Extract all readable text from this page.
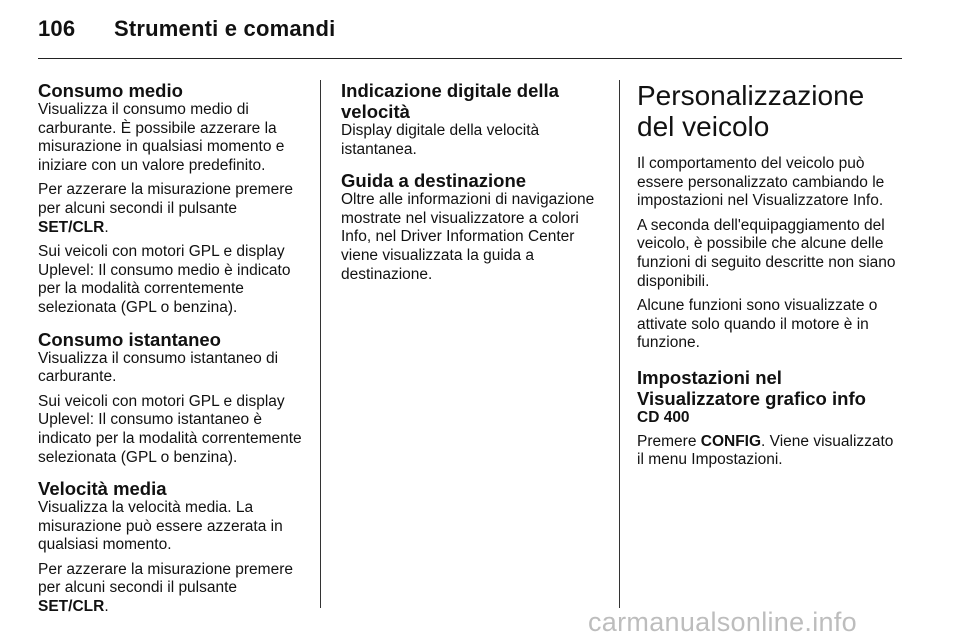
106 Strumenti e comandi
Consumo medio
Visualizza il consumo medio di carburante. È possibile azzerare la misurazione in qualsiasi momento e iniziare con un valore predefinito.
Per azzerare la misurazione premere per alcuni secondi il pulsante SET/CLR.
Sui veicoli con motori GPL e display Uplevel: Il consumo medio è indicato per la modalità correntemente selezionata (GPL o benzina).
Consumo istantaneo
Visualizza il consumo istantaneo di carburante.
Sui veicoli con motori GPL e display Uplevel: Il consumo istantaneo è indicato per la modalità correntemente selezionata (GPL o benzina).
Velocità media
Visualizza la velocità media. La misurazione può essere azzerata in qualsiasi momento.
Per azzerare la misurazione premere per alcuni secondi il pulsante SET/CLR.
Indicazione digitale della velocità
Display digitale della velocità istantanea.
Guida a destinazione
Oltre alle informazioni di navigazione mostrate nel visualizzatore a colori Info, nel Driver Information Center viene visualizzata la guida a destinazione.
Personalizzazione del veicolo
Il comportamento del veicolo può essere personalizzato cambiando le impostazioni nel Visualizzatore Info.
A seconda dell'equipaggiamento del veicolo, è possibile che alcune delle funzioni di seguito descritte non siano disponibili.
Alcune funzioni sono visualizzate o attivate solo quando il motore è in funzione.
Impostazioni nel Visualizzatore grafico info
CD 400
Premere CONFIG. Viene visualizzato il menu Impostazioni.
carmanualsonline.info
